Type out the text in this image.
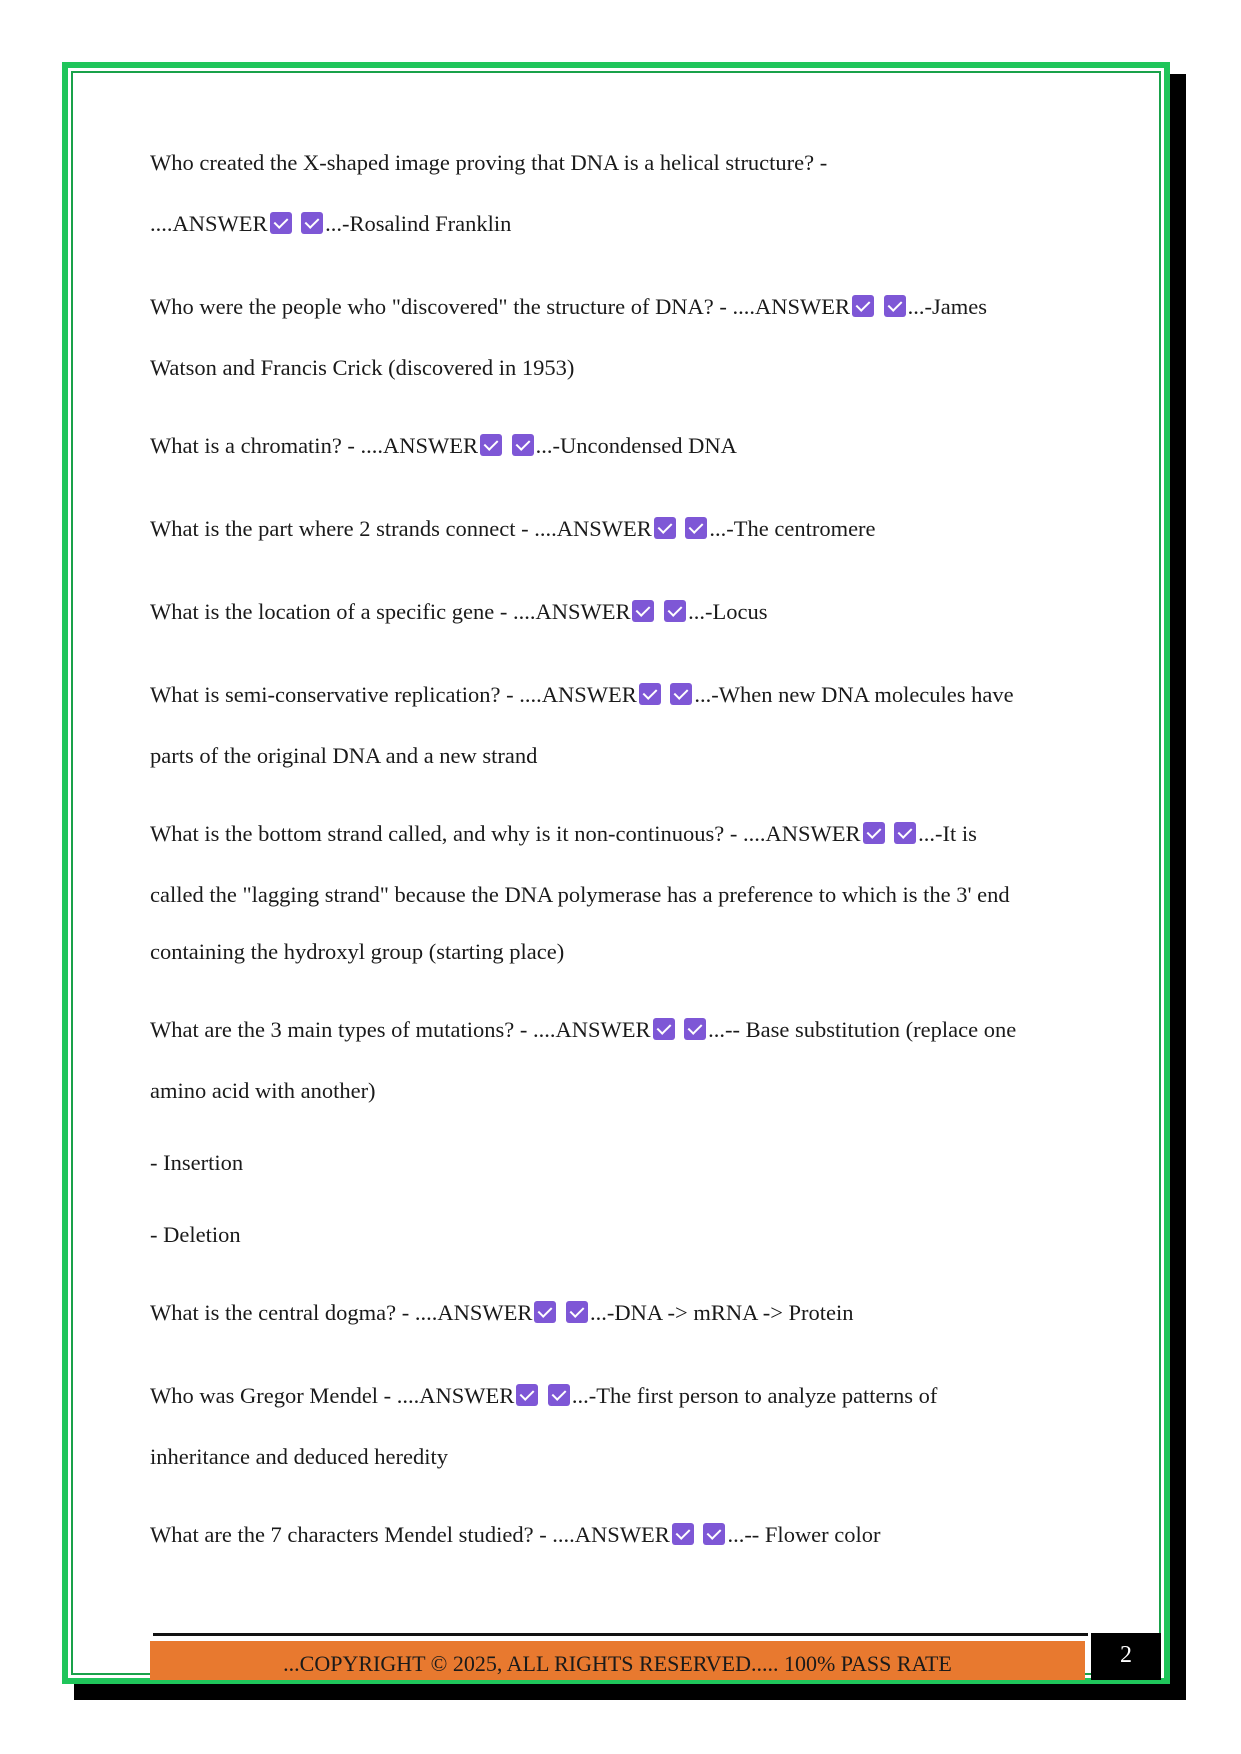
Who created the X-shaped image proving that DNA is a helical structure? -
....ANSWER	...-Rosalind Franklin
Who were the people who "discovered" the structure of DNA? - ....ANSWER	...-James
Watson and Francis Crick (discovered in 1953)
What is a chromatin? - ....ANSWER	...-Uncondensed DNA
What is the part where 2 strands connect - ....ANSWER	...-The centromere
What is the location of a specific gene - ....ANSWER	...-Locus
What is semi-conservative replication? - ....ANSWER	...-When new DNA molecules have
parts of the original DNA and a new strand
What is the bottom strand called, and why is it non-continuous? - ....ANSWER	...-It is
called the "lagging strand" because the DNA polymerase has a preference to which is the 3' end
containing the hydroxyl group (starting place)
What are the 3 main types of mutations? - ....ANSWER	...-- Base substitution (replace one
amino acid with another)
- Insertion
- Deletion
What is the central dogma? - ....ANSWER	...-DNA -> mRNA -> Protein
Who was Gregor Mendel - ....ANSWER	...-The first person to analyze patterns of
inheritance and deduced heredity
What are the 7 characters Mendel studied? - ....ANSWER	...-- Flower color
...COPYRIGHT © 2025, ALL RIGHTS RESERVED..... 100% PASS RATE	2
